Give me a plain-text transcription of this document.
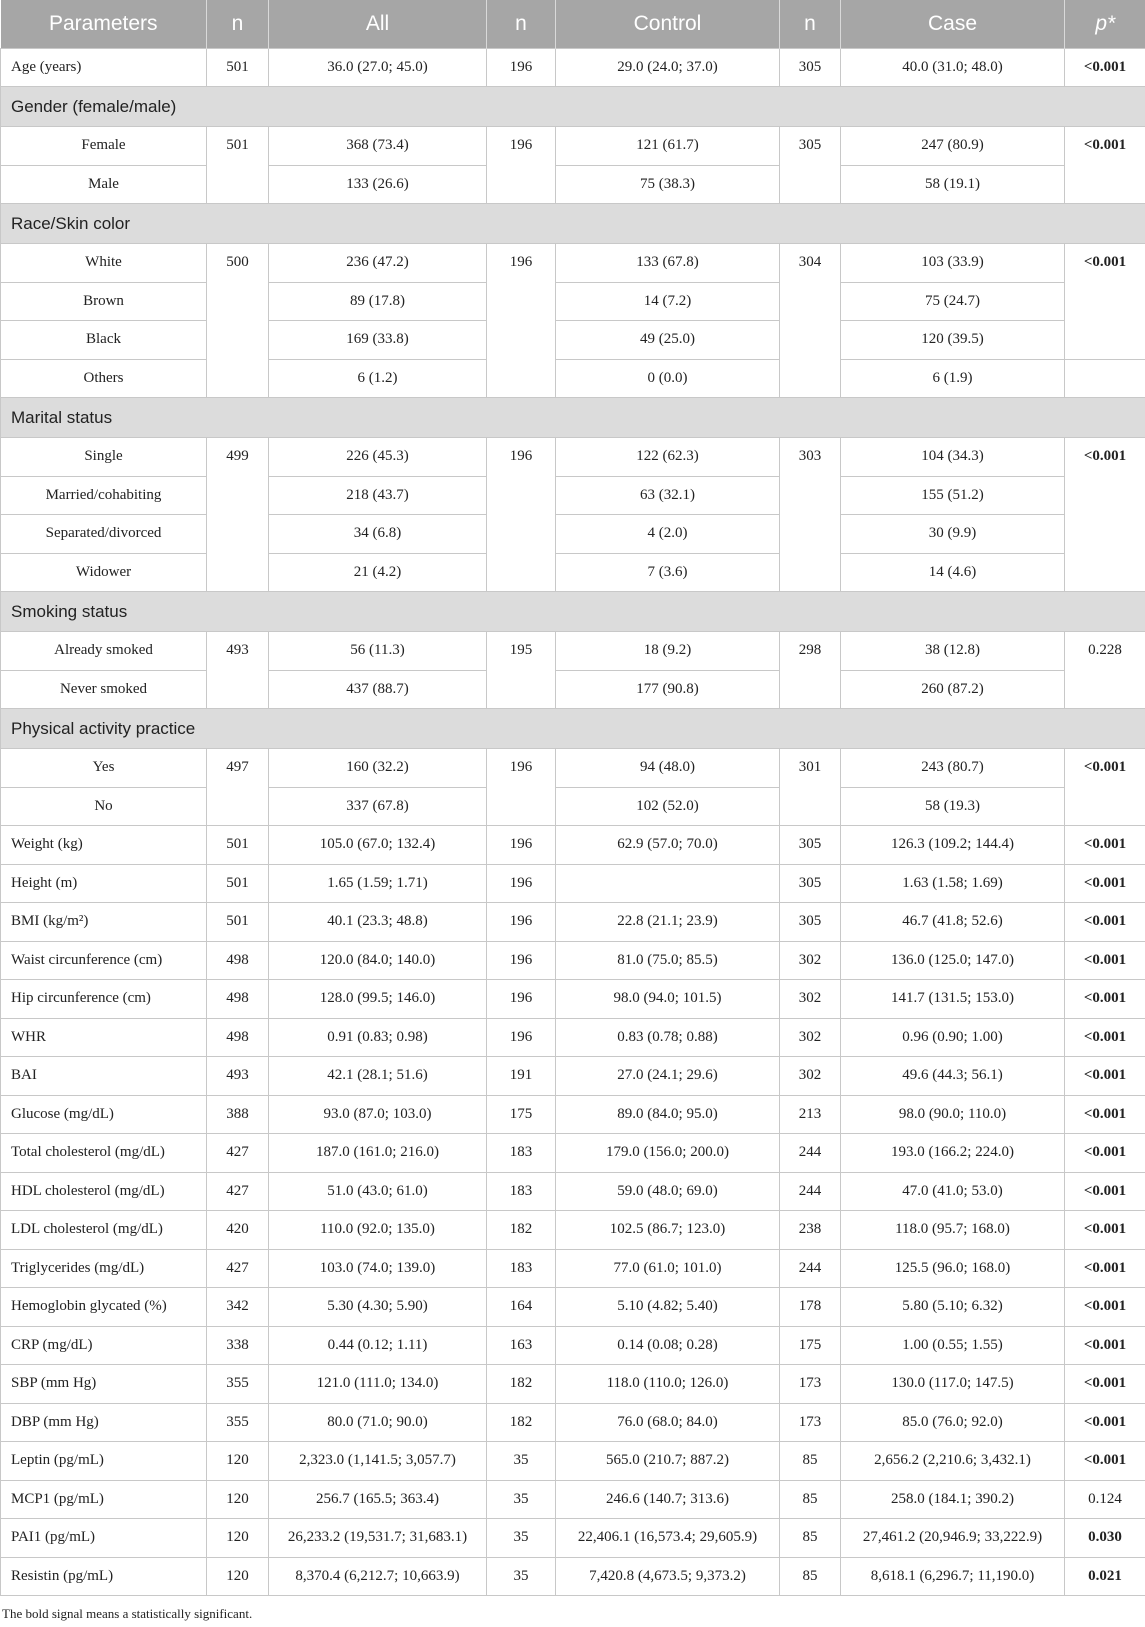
Parameters	n	All	n	Control	n	Case	p*
Age (years)	501	36.0 (27.0; 45.0)	196	29.0 (24.0; 37.0)	305	40.0 (31.0; 48.0)	<0.001
Gender (female/male)							
Female	501	368 (73.4)	196	121 (61.7)	305	247 (80.9)	<0.001
Male		133 (26.6)		75 (38.3)		58 (19.1)	
Race/Skin color							
White	500	236 (47.2)	196	133 (67.8)	304	103 (33.9)	<0.001
Brown		89 (17.8)		14 (7.2)		75 (24.7)	
Black		169 (33.8)		49 (25.0)		120 (39.5)	
Others		6 (1.2)		0 (0.0)		6 (1.9)	
Marital status							
Single	499	226 (45.3)	196	122 (62.3)	303	104 (34.3)	<0.001
Married/cohabiting		218 (43.7)		63 (32.1)		155 (51.2)	
Separated/divorced		34 (6.8)		4 (2.0)		30 (9.9)	
Widower		21 (4.2)		7 (3.6)		14 (4.6)	
Smoking status							
Already smoked	493	56 (11.3)	195	18 (9.2)	298	38 (12.8)	0.228
Never smoked		437 (88.7)		177 (90.8)		260 (87.2)	
Physical activity practice							
Yes	497	160 (32.2)	196	94 (48.0)	301	243 (80.7)	<0.001
No		337 (67.8)		102 (52.0)		58 (19.3)	
Weight (kg)	501	105.0 (67.0; 132.4)	196	62.9 (57.0; 70.0)	305	126.3 (109.2; 144.4)	<0.001
Height (m)	501	1.65 (1.59; 1.71)	196		305	1.63 (1.58; 1.69)	<0.001
BMI (kg/m²)	501	40.1 (23.3; 48.8)	196	22.8 (21.1; 23.9)	305	46.7 (41.8; 52.6)	<0.001
Waist circunference (cm)	498	120.0 (84.0; 140.0)	196	81.0 (75.0; 85.5)	302	136.0 (125.0; 147.0)	<0.001
Hip circunference (cm)	498	128.0 (99.5; 146.0)	196	98.0 (94.0; 101.5)	302	141.7 (131.5; 153.0)	<0.001
WHR	498	0.91 (0.83; 0.98)	196	0.83 (0.78; 0.88)	302	0.96 (0.90; 1.00)	<0.001
BAI	493	42.1 (28.1; 51.6)	191	27.0 (24.1; 29.6)	302	49.6 (44.3; 56.1)	<0.001
Glucose (mg/dL)	388	93.0 (87.0; 103.0)	175	89.0 (84.0; 95.0)	213	98.0 (90.0; 110.0)	<0.001
Total cholesterol (mg/dL)	427	187.0 (161.0; 216.0)	183	179.0 (156.0; 200.0)	244	193.0 (166.2; 224.0)	<0.001
HDL cholesterol (mg/dL)	427	51.0 (43.0; 61.0)	183	59.0 (48.0; 69.0)	244	47.0 (41.0; 53.0)	<0.001
LDL cholesterol (mg/dL)	420	110.0 (92.0; 135.0)	182	102.5 (86.7; 123.0)	238	118.0 (95.7; 168.0)	<0.001
Triglycerides (mg/dL)	427	103.0 (74.0; 139.0)	183	77.0 (61.0; 101.0)	244	125.5 (96.0; 168.0)	<0.001
Hemoglobin glycated (%)	342	5.30 (4.30; 5.90)	164	5.10 (4.82; 5.40)	178	5.80 (5.10; 6.32)	<0.001
CRP (mg/dL)	338	0.44 (0.12; 1.11)	163	0.14 (0.08; 0.28)	175	1.00 (0.55; 1.55)	<0.001
SBP (mm Hg)	355	121.0 (111.0; 134.0)	182	118.0 (110.0; 126.0)	173	130.0 (117.0; 147.5)	<0.001
DBP (mm Hg)	355	80.0 (71.0; 90.0)	182	76.0 (68.0; 84.0)	173	85.0 (76.0; 92.0)	<0.001
Leptin (pg/mL)	120	2,323.0 (1,141.5; 3,057.7)	35	565.0 (210.7; 887.2)	85	2,656.2 (2,210.6; 3,432.1)	<0.001
MCP1 (pg/mL)	120	256.7 (165.5; 363.4)	35	246.6 (140.7; 313.6)	85	258.0 (184.1; 390.2)	0.124
PAI1 (pg/mL)	120	26,233.2 (19,531.7; 31,683.1)	35	22,406.1 (16,573.4; 29,605.9)	85	27,461.2 (20,946.9; 33,222.9)	0.030
Resistin (pg/mL)	120	8,370.4 (6,212.7; 10,663.9)	35	7,420.8 (4,673.5; 9,373.2)	85	8,618.1 (6,296.7; 11,190.0)	0.021
The bold signal means a statistically significant.
